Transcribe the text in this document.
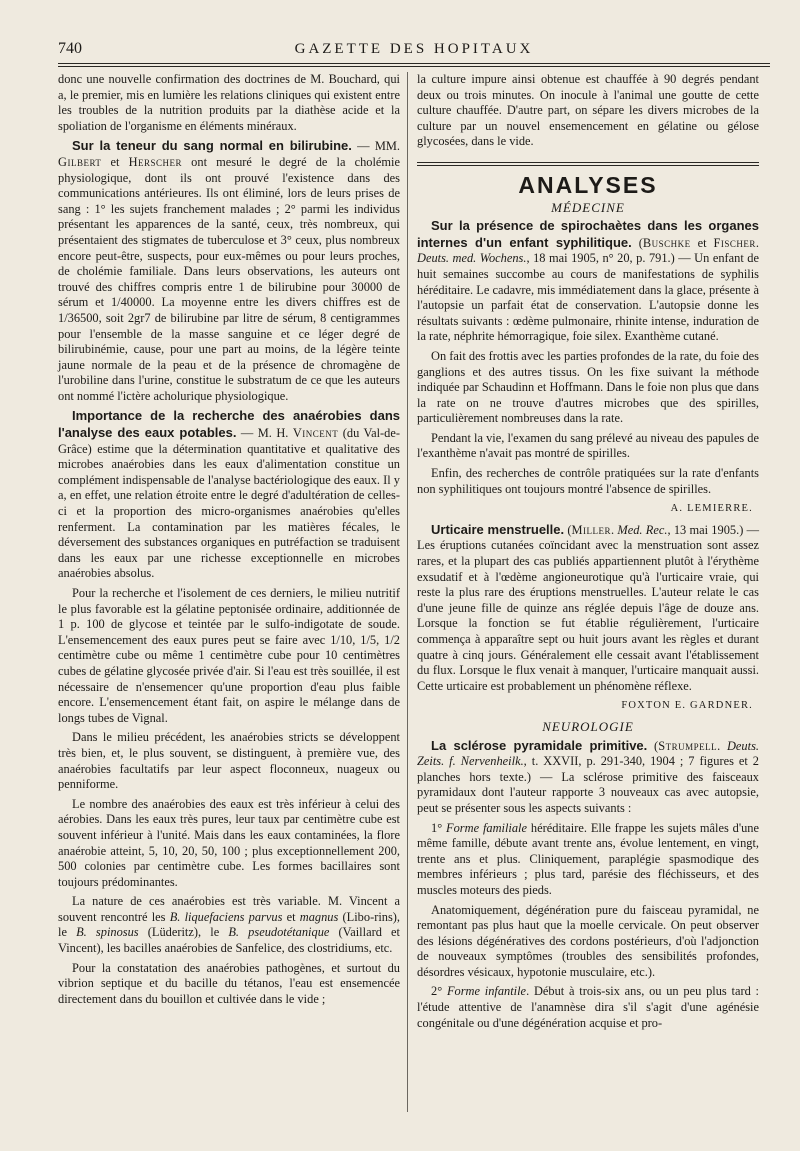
740	GAZETTE DES HOPITAUX

donc une nouvelle confirmation des doctrines de M. Bouchard, qui a, le premier, mis en lumière les relations cliniques qui existent entre les troubles de la nutrition produits par la diathèse acide et la spoliation de l'organisme en éléments minéraux.

Sur la teneur du sang normal en bilirubine. — MM. Gilbert et Herscher ont mesuré le degré de la cholémie physiologique, dont ils ont prouvé l'existence dans des communications antérieures. Ils ont éliminé, lors de leurs prises de sang : 1° les sujets franchement malades ; 2° parmi les individus présentant les apparences de la santé, ceux, très nombreux, qui présentaient des stigmates de tuberculose et 3° ceux, plus nombreux encore peut-être, suspects, pour eux-mêmes ou pour leurs proches, de cholémie familiale. Dans leurs observations, les auteurs ont trouvé des chiffres compris entre 1 de bilirubine pour 30000 de sérum et 1/40000. La moyenne entre les divers chiffres est de 1/36500, soit 2gr7 de bilirubine par litre de sérum, 8 centigrammes pour l'ensemble de la masse sanguine et ce léger degré de bilirubinémie, cause, pour une part au moins, de la légère teinte jaune normale de la peau et de la présence de chromagène de l'urobiline dans l'urine, constitue le substratum de ce que les auteurs ont nommé l'ictère acholurique physiologique.

Importance de la recherche des anaérobies dans l'analyse des eaux potables. — M. H. Vincent (du Val-de-Grâce) estime que la détermination quantitative et qualitative des microbes anaérobies dans les eaux d'alimentation constitue un complément indispensable de l'analyse bactériologique des eaux. Il y a, en effet, une relation étroite entre le degré d'adultération de celles-ci et la proportion des micro-organismes anaérobies qu'elles renferment. La contamination par les matières fécales, le déversement des substances organiques en putréfaction se traduisent dans les eaux par une richesse exceptionnelle en microbes anaérobies absolus.

Pour la recherche et l'isolement de ces derniers, le milieu nutritif le plus favorable est la gélatine peptonisée ordinaire, additionnée de 1 p. 100 de glycose et teintée par le sulfo-indigotate de soude. L'ensemencement des eaux pures peut se faire avec 1/10, 1/5, 1/2 centimètre cube ou même 1 centimètre cube pour 10 centimètres cubes de gélatine glycosée privée d'air. Si l'eau est très souillée, il est nécessaire de n'ensemencer qu'une proportion d'eau plus faible encore. L'ensemencement étant fait, on aspire le mélange dans de longs tubes de Vignal.

Dans le milieu précédent, les anaérobies stricts se développent très bien, et, le plus souvent, se distinguent, à première vue, des anaérobies facultatifs par leur aspect floconneux, nuageux ou penniforme.

Le nombre des anaérobies des eaux est très inférieur à celui des aérobies. Dans les eaux très pures, leur taux par centimètre cube est souvent inférieur à l'unité. Mais dans les eaux contaminées, la flore anaérobie atteint, 5, 10, 20, 50, 100 ; plus exceptionnellement 200, 500 colonies par centimètre cube. Les formes bacillaires sont toujours prédominantes.

La nature de ces anaérobies est très variable. M. Vincent a souvent rencontré les B. liquefaciens parvus et magnus (Libo-rins), le B. spinosus (Lüderitz), le B. pseudotétanique (Vaillard et Vincent), les bacilles anaérobies de Sanfelice, des clostridiums, etc.

Pour la constatation des anaérobies pathogènes, et surtout du vibrion septique et du bacille du tétanos, l'eau est ensemencée directement dans du bouillon et cultivée dans le vide ;

la culture impure ainsi obtenue est chauffée à 90 degrés pendant deux ou trois minutes. On inocule à l'animal une goutte de cette culture chauffée. D'autre part, on sépare les divers microbes de la culture par un nouvel ensemencement en gélatine ou gélose glycosées, dans le vide.

ANALYSES
MÉDECINE

Sur la présence de spirochaètes dans les organes internes d'un enfant syphilitique. (Buschke et Fischer. Deuts. med. Wochens., 18 mai 1905, n° 20, p. 791.) — Un enfant de huit semaines succombe au cours de manifestations de syphilis héréditaire. Le cadavre, mis immédiatement dans la glace, présente à l'autopsie un parfait état de conservation. L'autopsie donne les résultats suivants : œdème pulmonaire, rhinite intense, induration de la rate, néphrite hémorragique, foie silex. Exanthème cutané.

On fait des frottis avec les parties profondes de la rate, du foie des ganglions et des autres tissus. On les fixe suivant la méthode indiquée par Schaudinn et Hoffmann. Dans le foie non plus que dans la rate on ne trouve d'autres microbes que des spirilles, particulièrement nombreuses dans la rate.

Pendant la vie, l'examen du sang prélevé au niveau des papules de l'exanthème n'avait pas montré de spirilles.

Enfin, des recherches de contrôle pratiquées sur la rate d'enfants non syphilitiques ont toujours montré l'absence de spirilles.

A. LEMIERRE.

Urticaire menstruelle. (Miller. Med. Rec., 13 mai 1905.) — Les éruptions cutanées coïncidant avec la menstruation sont assez rares, et la plupart des cas publiés appartiennent plutôt à l'érythème exsudatif et à l'œdème angioneurotique qu'à l'urticaire vraie, qui reste la plus rare des éruptions menstruelles. L'auteur relate le cas d'une jeune fille de quinze ans réglée depuis l'âge de douze ans. Lorsque la fonction se fut établie régulièrement, l'urticaire commença à apparaître sept ou huit jours avant les règles et durant quatre à cinq jours. Généralement elle cessait avant l'établissement du flux. Lorsque le flux venait à manquer, l'urticaire manquait aussi. Cette urticaire est probablement un phénomène réflexe.

FOXTON E. GARDNER.
NEUROLOGIE

La sclérose pyramidale primitive. (Strumpell. Deuts. Zeits. f. Nervenheilk., t. XXVII, p. 291-340, 1904 ; 7 figures et 2 planches hors texte.) — La sclérose primitive des faisceaux pyramidaux dont l'auteur rapporte 3 nouveaux cas avec autopsie, peut se présenter sous les aspects suivants :

1° Forme familiale héréditaire. Elle frappe les sujets mâles d'une même famille, débute avant trente ans, évolue lentement, en vingt, trente ans et plus. Cliniquement, paraplégie spasmodique des membres inférieurs ; plus tard, parésie des fléchisseurs, et des muscles moteurs des pieds.

Anatomiquement, dégénération pure du faisceau pyramidal, ne remontant pas plus haut que la moelle cervicale. On peut observer des lésions dégénératives des cordons postérieurs, d'où l'adjonction de nouveaux symptômes (troubles des sensibilités profondes, désordres vésicaux, hypotonie musculaire, etc.).

2° Forme infantile. Début à trois-six ans, ou un peu plus tard : l'étude attentive de l'anamnèse dira s'il s'agit d'une agénésie congénitale ou d'une dégénération acquise et pro-
